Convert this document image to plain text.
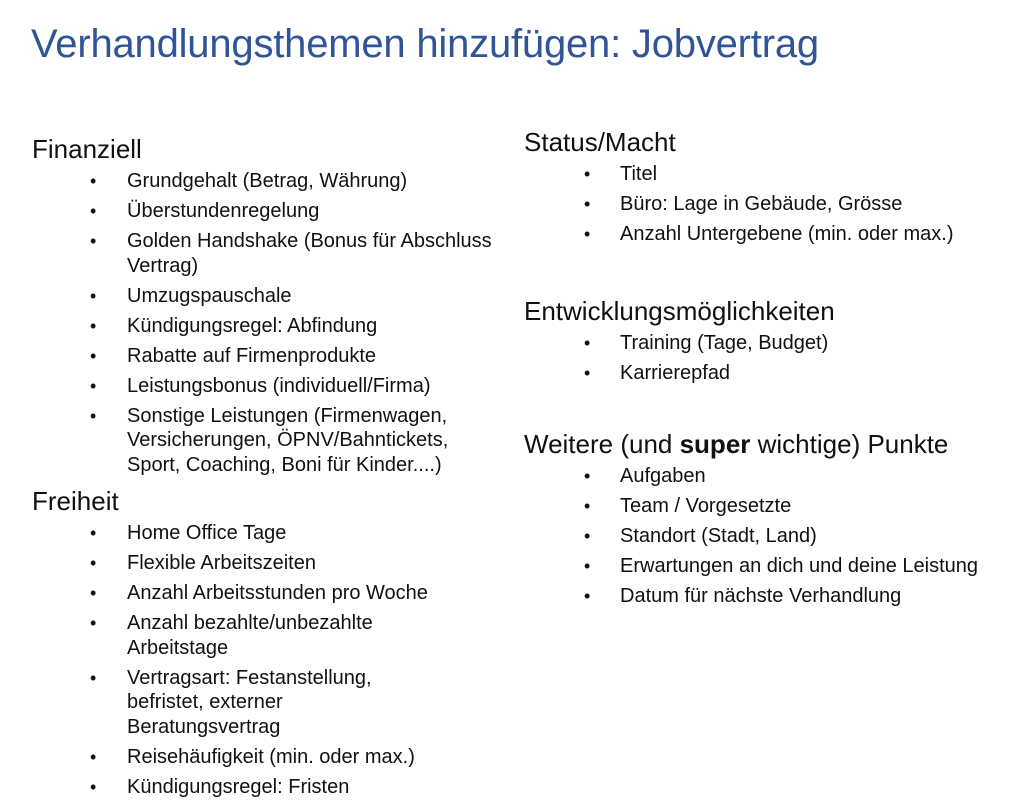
Verhandlungsthemen hinzufügen: Jobvertrag
Finanziell
• Grundgehalt (Betrag, Währung)
• Überstundenregelung
• Golden Handshake (Bonus für Abschluss Vertrag)
• Umzugspauschale
• Kündigungsregel: Abfindung
• Rabatte auf Firmenprodukte
• Leistungsbonus (individuell/Firma)
• Sonstige Leistungen (Firmenwagen, Versicherungen, ÖPNV/Bahntickets, Sport, Coaching, Boni für Kinder....)
Freiheit
• Home Office Tage
• Flexible Arbeitszeiten
• Anzahl Arbeitsstunden pro Woche
• Anzahl bezahlte/unbezahlte Arbeitstage
• Vertragsart: Festanstellung, befristet, externer Beratungsvertrag
• Reisehäufigkeit (min. oder max.)
• Kündigungsregel: Fristen
Status/Macht
• Titel
• Büro: Lage in Gebäude, Grösse
• Anzahl Untergebene (min. oder max.)
Entwicklungsmöglichkeiten
• Training (Tage, Budget)
• Karrierepfad
Weitere (und super wichtige) Punkte
• Aufgaben
• Team / Vorgesetzte
• Standort (Stadt, Land)
• Erwartungen an dich und deine Leistung
• Datum für nächste Verhandlung
